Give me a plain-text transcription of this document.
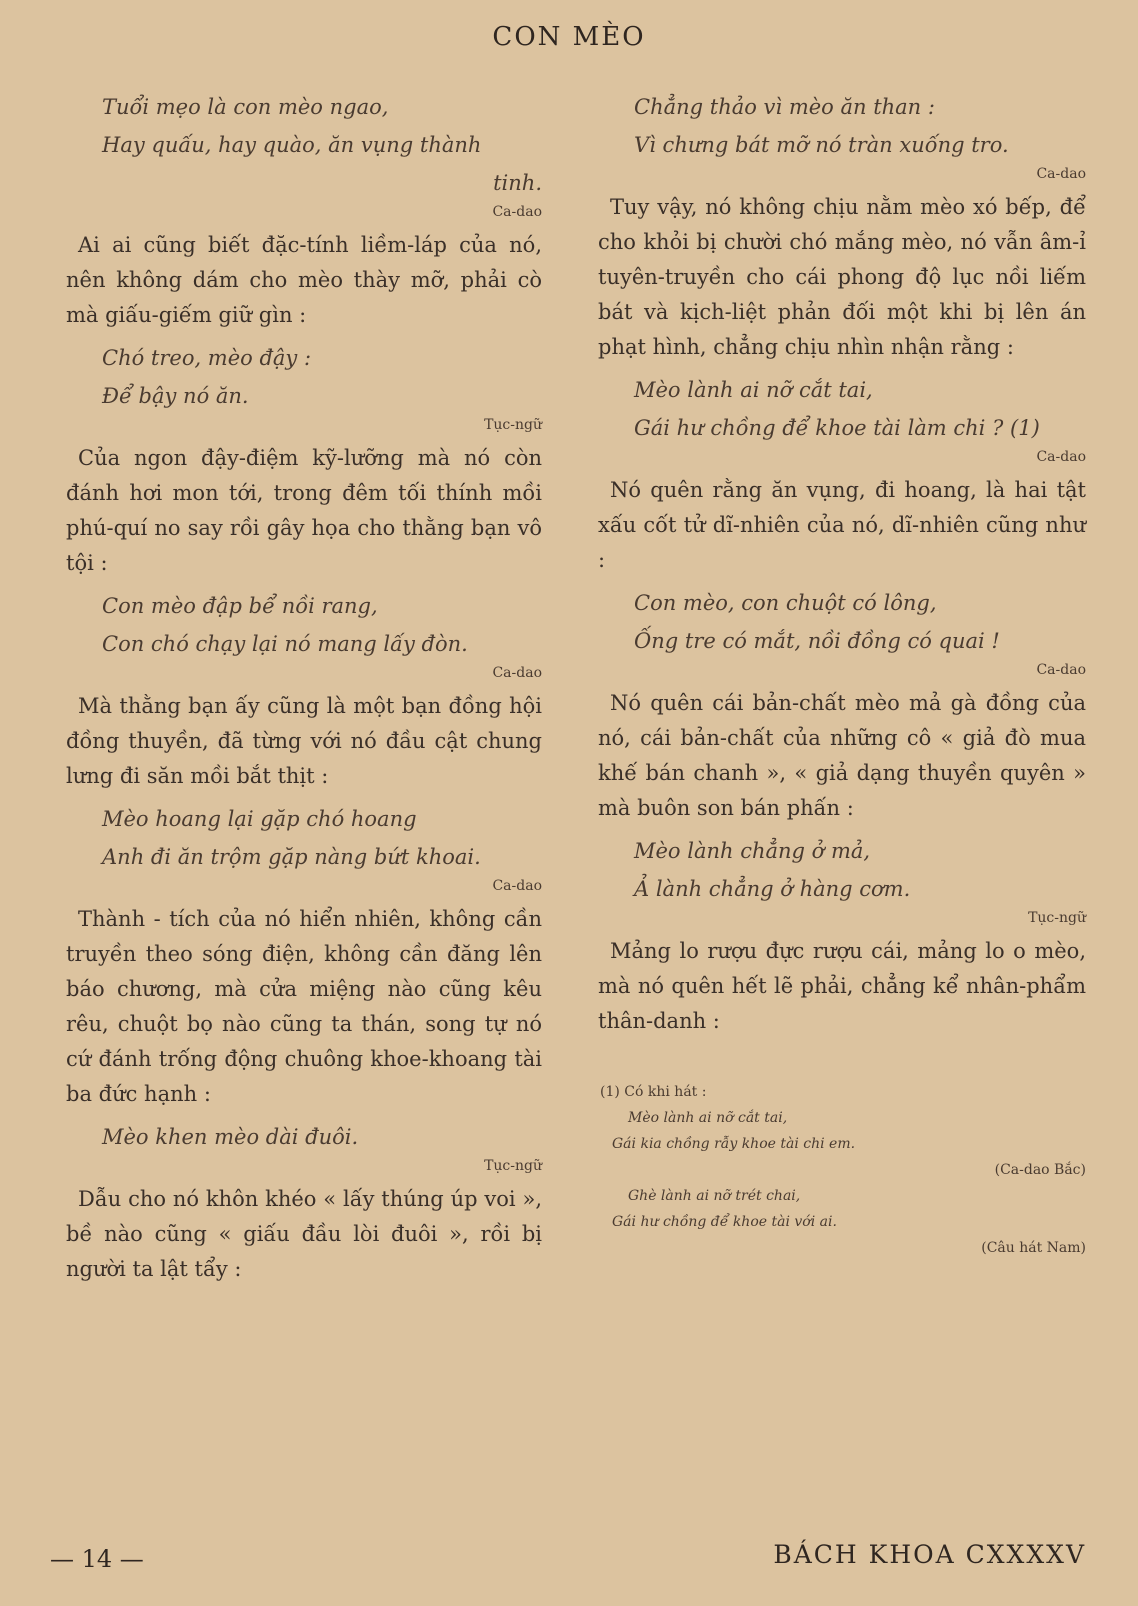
CON MÈO
Tuổi mẹo là con mèo ngao,
Hay quấu, hay quào, ăn vụng thành
tinh.
Ca-dao
Ai ai cũng biết đặc-tính liềm-láp của nó, nên không dám cho mèo thày mỡ, phải cò mà giấu-giếm giữ gìn :
Chó treo, mèo đậy :
Để bậy nó ăn.
Tục-ngữ
Của ngon đậy-điệm kỹ-lưỡng mà nó còn đánh hơi mon tới, trong đêm tối thính mồi phú-quí no say rồi gây họa cho thằng bạn vô tội :
Con mèo đập bể nồi rang,
Con chó chạy lại nó mang lấy đòn.
Ca-dao
Mà thằng bạn ấy cũng là một bạn đồng hội đồng thuyền, đã từng với nó đầu cật chung lưng đi săn mồi bắt thịt :
Mèo hoang lại gặp chó hoang
Anh đi ăn trộm gặp nàng bứt khoai.
Ca-dao
Thành - tích của nó hiển nhiên, không cần truyền theo sóng điện, không cần đăng lên báo chương, mà cửa miệng nào cũng kêu rêu, chuột bọ nào cũng ta thán, song tự nó cứ đánh trống động chuông khoe-khoang tài ba đức hạnh :
Mèo khen mèo dài đuôi.
Tục-ngữ
Dẫu cho nó khôn khéo « lấy thúng úp voi », bề nào cũng « giấu đầu lòi đuôi », rồi bị người ta lật tẩy :
Chẳng thảo vì mèo ăn than :
Vì chưng bát mỡ nó tràn xuống tro.
Ca-dao
Tuy vậy, nó không chịu nằm mèo xó bếp, để cho khỏi bị chười chó mắng mèo, nó vẫn âm-ỉ tuyên-truyền cho cái phong độ lục nồi liếm bát và kịch-liệt phản đối một khi bị lên án phạt hình, chẳng chịu nhìn nhận rằng :
Mèo lành ai nỡ cắt tai,
Gái hư chồng để khoe tài làm chi ? (1)
Ca-dao
Nó quên rằng ăn vụng, đi hoang, là hai tật xấu cốt tử dĩ-nhiên của nó, dĩ-nhiên cũng như :
Con mèo, con chuột có lông,
Ống tre có mắt, nồi đồng có quai !
Ca-dao
Nó quên cái bản-chất mèo mả gà đồng của nó, cái bản-chất của những cô « giả đò mua khế bán chanh », « giả dạng thuyền quyên » mà buôn son bán phấn :
Mèo lành chẳng ở mả,
Ả lành chẳng ở hàng cơm.
Tục-ngữ
Mảng lo rượu đực rượu cái, mảng lo o mèo, mà nó quên hết lẽ phải, chẳng kể nhân-phẩm thân-danh :
(1) Có khi hát :
Mèo lành ai nỡ cắt tai,
Gái kia chồng rẫy khoe tài chi em.
(Ca-dao Bắc)
Ghè lành ai nỡ trét chai,
Gái hư chồng để khoe tài với ai.
(Câu hát Nam)
— 14 —	BÁCH KHOA CXXXXV
